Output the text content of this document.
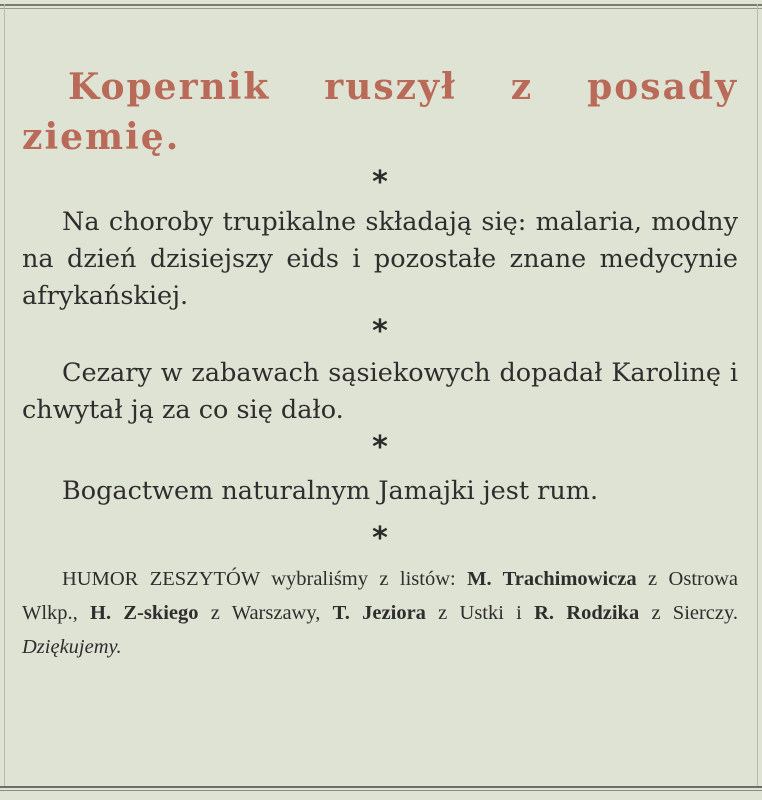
Kopernik ruszył z posady ziemię.

*

Na choroby trupikalne składają się: malaria, modny na dzień dzisiejszy eids i pozostałe znane medycynie afrykańskiej.

*

Cezary w zabawach sąsiekowych dopadał Karolinę i chwytał ją za co się dało.

*

Bogactwem naturalnym Jamajki jest rum.

*

HUMOR ZESZYTÓW wybraliśmy z listów: M. Trachimowicza z Ostrowa Wlkp., H. Z-skiego z Warszawy, T. Jeziora z Ustki i R. Rodzika z Sierczy. Dziękujemy.
